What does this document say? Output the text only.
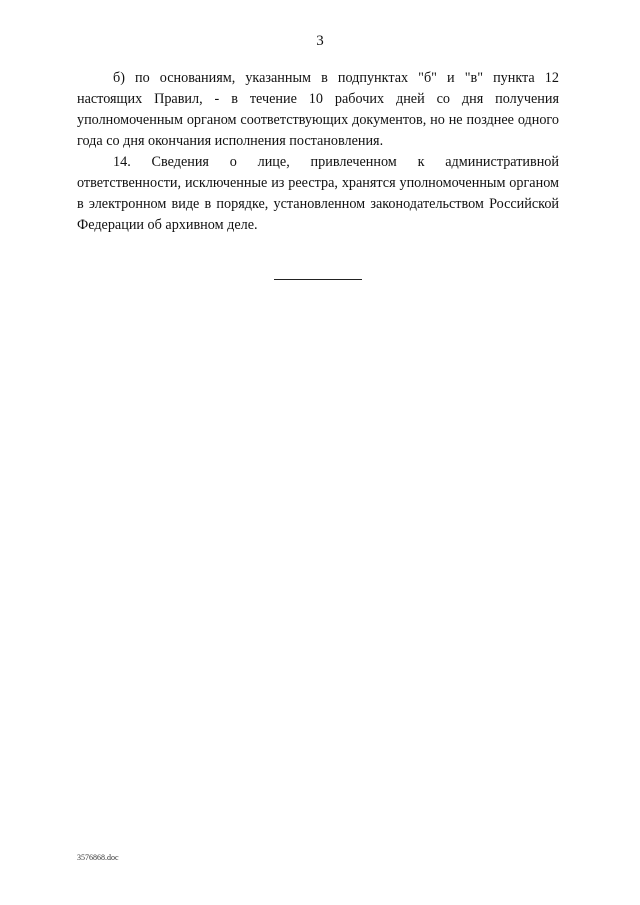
3

б) по основаниям, указанным в подпунктах "б" и "в" пункта 12 настоящих Правил, - в течение 10 рабочих дней со дня получения уполномоченным органом соответствующих документов, но не позднее одного года со дня окончания исполнения постановления.

14. Сведения о лице, привлеченном к административной ответственности, исключенные из реестра, хранятся уполномоченным органом в электронном виде в порядке, установленном законодательством Российской Федерации об архивном деле.

3576868.doc
